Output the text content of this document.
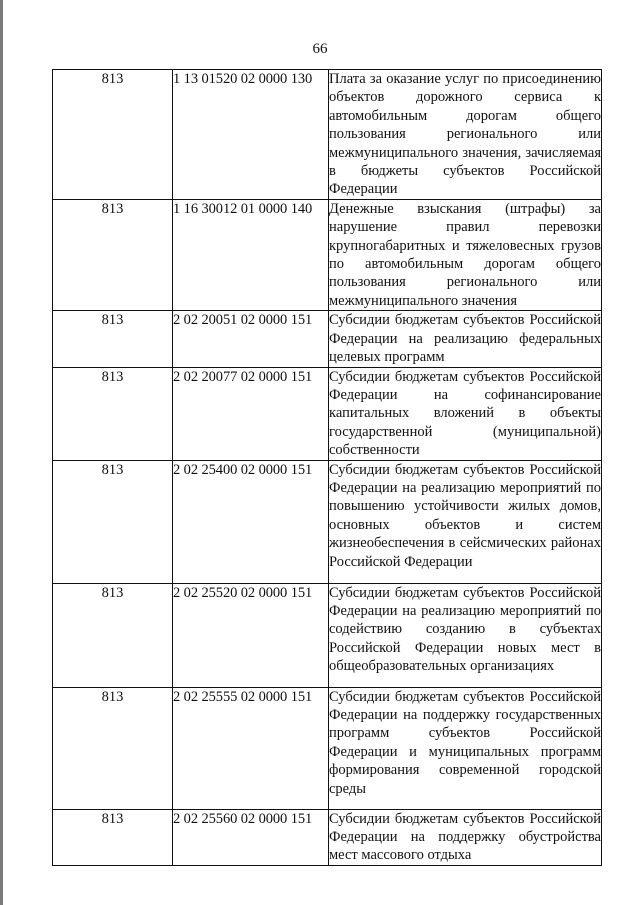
66
813	1 13 01520 02 0000 130	Плата за оказание услуг по присоединению объектов дорожного сервиса к автомобильным дорогам общего пользования регионального или межмуниципального значения, зачисляемая в бюджеты субъектов Российской Федерации
813	1 16 30012 01 0000 140	Денежные взыскания (штрафы) за нарушение правил перевозки крупногабаритных и тяжеловесных грузов по автомобильным дорогам общего пользования регионального или межмуниципального значения
813	2 02 20051 02 0000 151	Субсидии бюджетам субъектов Российской Федерации на реализацию федеральных целевых программ
813	2 02 20077 02 0000 151	Субсидии бюджетам субъектов Российской Федерации на софинансирование капитальных вложений в объекты государственной (муниципальной) собственности
813	2 02 25400 02 0000 151	Субсидии бюджетам субъектов Российской Федерации на реализацию мероприятий по повышению устойчивости жилых домов, основных объектов и систем жизнеобеспечения в сейсмических районах Российской Федерации
813	2 02 25520 02 0000 151	Субсидии бюджетам субъектов Российской Федерации на реализацию мероприятий по содействию созданию в субъектах Российской Федерации новых мест в общеобразовательных организациях
813	2 02 25555 02 0000 151	Субсидии бюджетам субъектов Российской Федерации на поддержку государственных программ субъектов Российской Федерации и муниципальных программ формирования современной городской среды
813	2 02 25560 02 0000 151	Субсидии бюджетам субъектов Российской Федерации на поддержку обустройства мест массового отдыха
